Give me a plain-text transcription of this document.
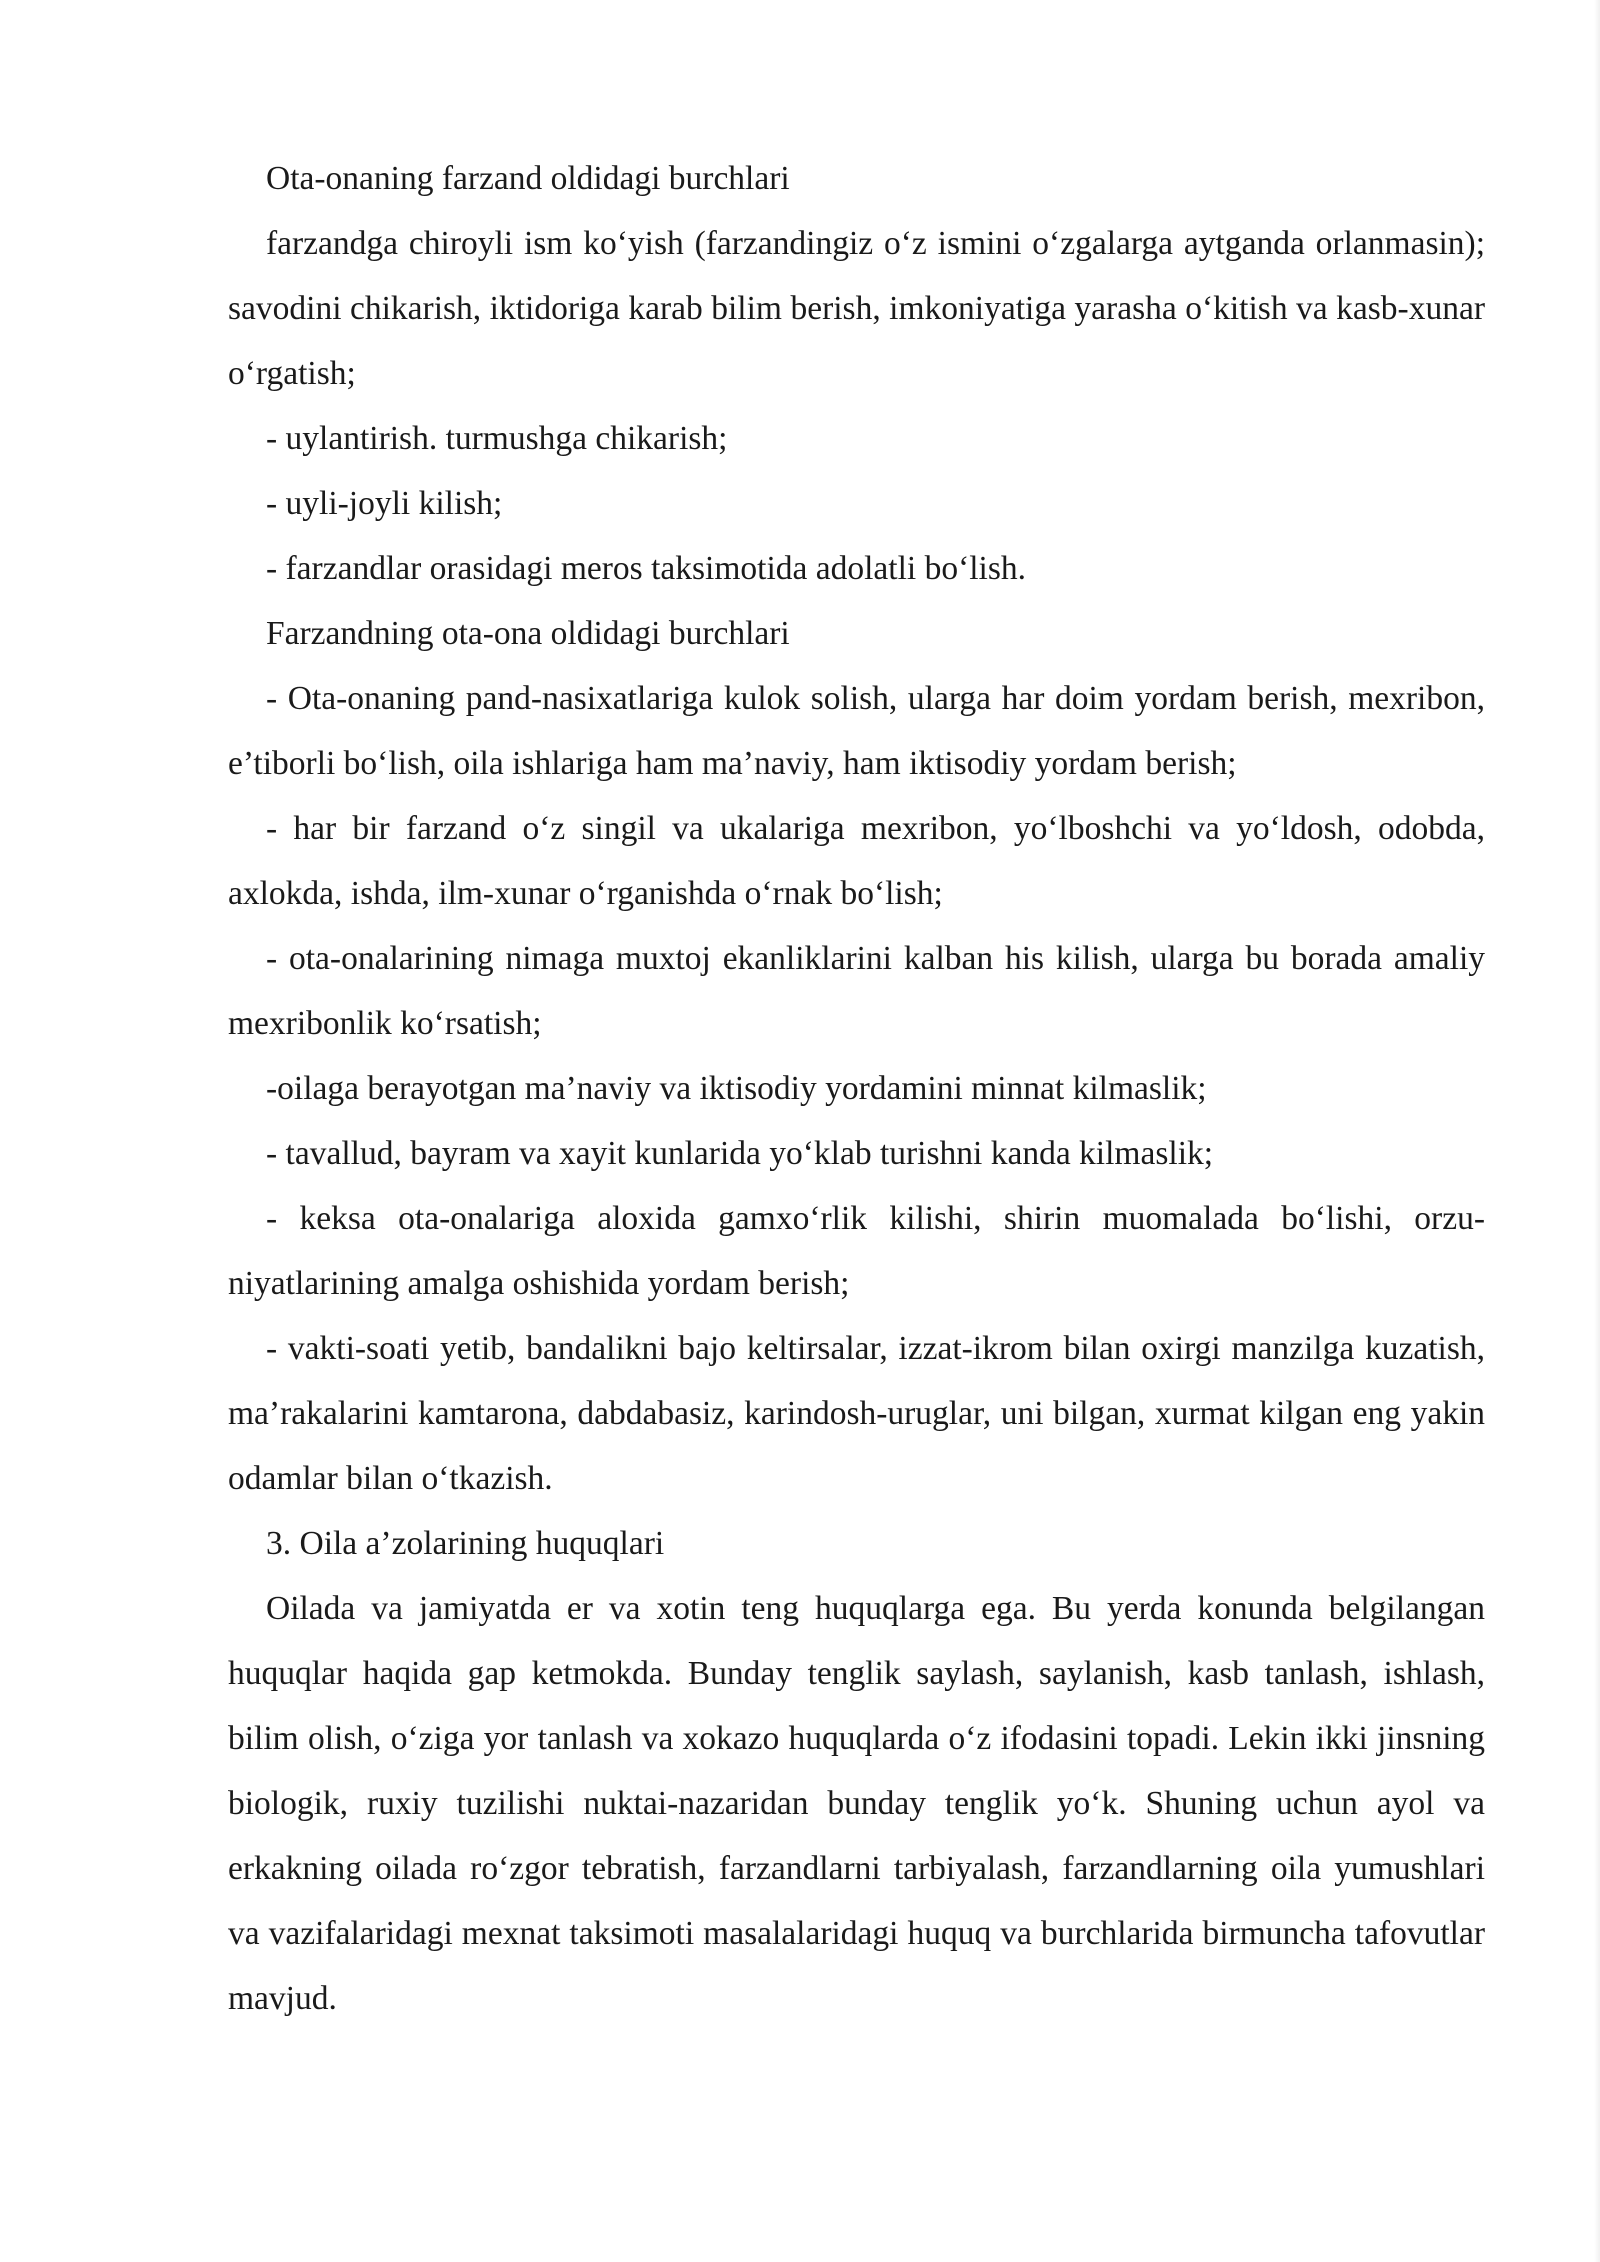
Ota-onaning farzand oldidagi burchlari

farzandga chiroyli ism ko‘yish (farzandingiz o‘z ismini o‘zgalarga aytganda orlanmasin); savodini chikarish, iktidoriga karab bilim berish, imkoniyatiga yarasha o‘kitish va kasb-xunar o‘rgatish;

- uylantirish. turmushga chikarish;

- uyli-joyli kilish;

- farzandlar orasidagi meros taksimotida adolatli bo‘lish.

Farzandning ota-ona oldidagi burchlari

- Ota-onaning pand-nasixatlariga kulok solish, ularga har doim yordam berish, mexribon, e’tiborli bo‘lish, oila ishlariga ham ma’naviy, ham iktisodiy yordam berish;

- har bir farzand o‘z singil va ukalariga mexribon, yo‘lboshchi va yo‘ldosh, odobda, axlokda, ishda, ilm-xunar o‘rganishda o‘rnak bo‘lish;

- ota-onalarining nimaga muxtoj ekanliklarini kalban his kilish, ularga bu borada amaliy mexribonlik ko‘rsatish;

-oilaga berayotgan ma’naviy va iktisodiy yordamini minnat kilmaslik;

- tavallud, bayram va xayit kunlarida yo‘klab turishni kanda kilmaslik;

- keksa ota-onalariga aloxida gamxo‘rlik kilishi, shirin muomalada bo‘lishi, orzu-niyatlarining amalga oshishida yordam berish;

- vakti-soati yetib, bandalikni bajo keltirsalar, izzat-ikrom bilan oxirgi manzilga kuzatish, ma’rakalarini kamtarona, dabdabasiz, karindosh-uruglar, uni bilgan, xurmat kilgan eng yakin odamlar bilan o‘tkazish.

3. Oila a’zolarining huquqlari

Oilada va jamiyatda er va xotin teng huquqlarga ega. Bu yerda konunda belgilangan huquqlar haqida gap ketmokda. Bunday tenglik saylash, saylanish, kasb tanlash, ishlash, bilim olish, o‘ziga yor tanlash va xokazo huquqlarda o‘z ifodasini topadi. Lekin ikki jinsning biologik, ruxiy tuzilishi nuktai-nazaridan bunday tenglik yo‘k. Shuning uchun ayol va erkakning oilada ro‘zgor tebratish, farzandlarni tarbiyalash, farzandlarning oila yumushlari va vazifalaridagi mexnat taksimoti masalalaridagi huquq va burchlarida birmuncha tafovutlar mavjud.
